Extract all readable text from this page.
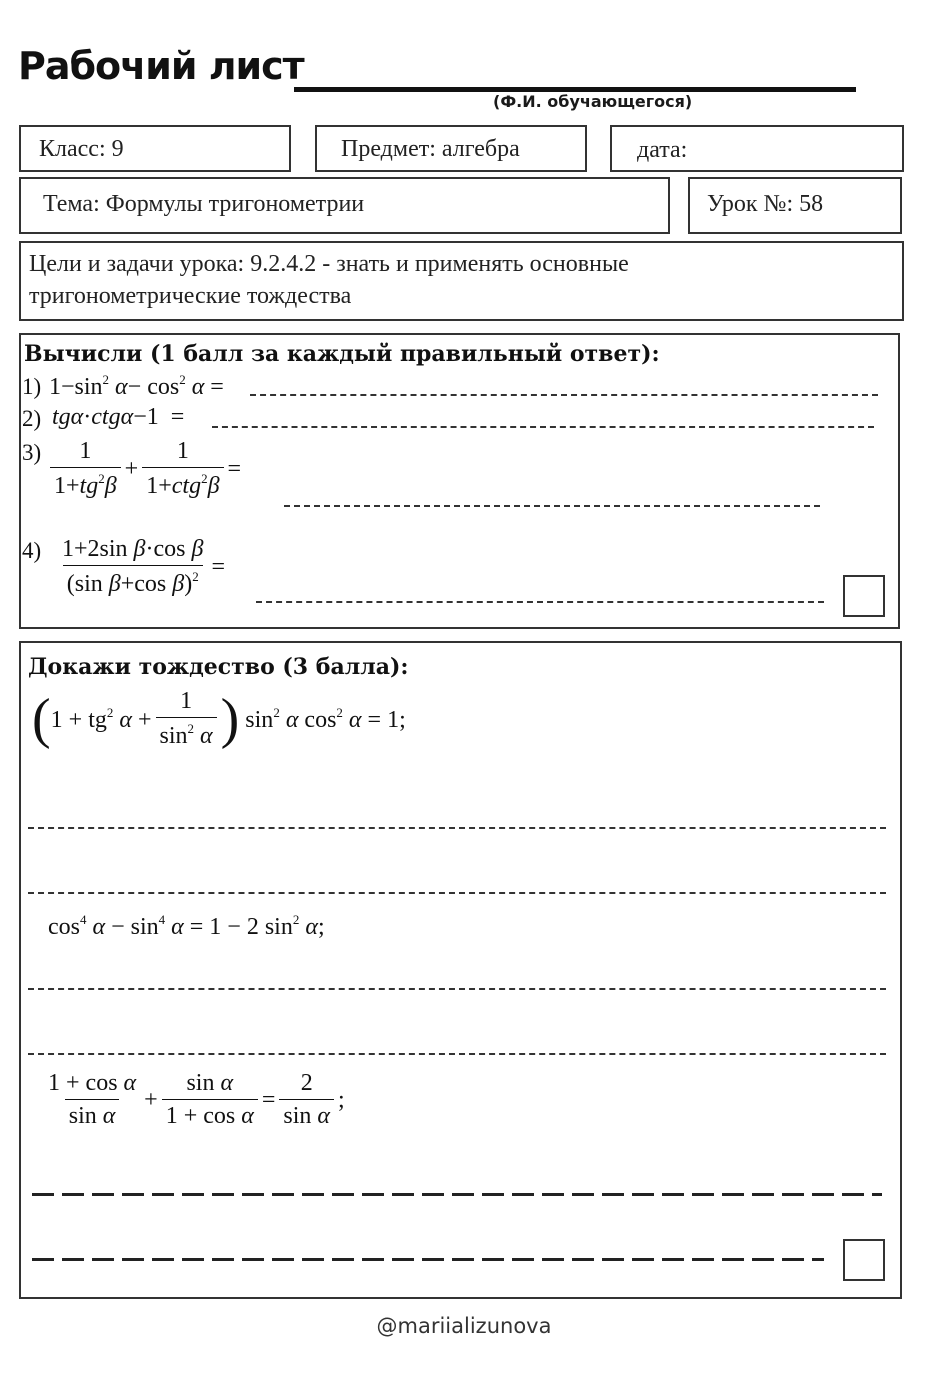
Рабочий лист
(Ф.И. обучающегося)
Класс: 9	Предмет: алгебра	дата:
Тема: Формулы тригонометрии	Урок №: 58
Цели и задачи урока: 9.2.4.2 - знать и применять основные
тригонометрические тождества
Вычисли (1 балл за каждый правильный ответ):
1) $1-\sin^2$ $\alpha- \cos^2 \alpha$ =
2) tgα·ctgα−1  =
$3) \frac{1}{1+tg^2\beta} + \frac{1}{1+ctg^2\beta}$ =
$4) \frac{\text{1+2sin β·cos β}}{(\sin \beta+\cos \beta)^2}$ =
Докажи тождество (3 балла):
( $1 + tg^2$ $\alpha + \frac{1}{\sin^2 \alpha}$ ) $\sin^2 \alpha$ $\cos^2 \alpha = 1$;
$\cos^4 \alpha - \sin^4 \alpha = 1 - 2$ $\sin^2 \alpha$;
$\frac{\text{1 + cos α}}{\text{sin α}} + \frac{\text{sin α}}{\text{1 + cos α}} = \frac{2}{\text{sin α}}$ ;
@mariializunova
